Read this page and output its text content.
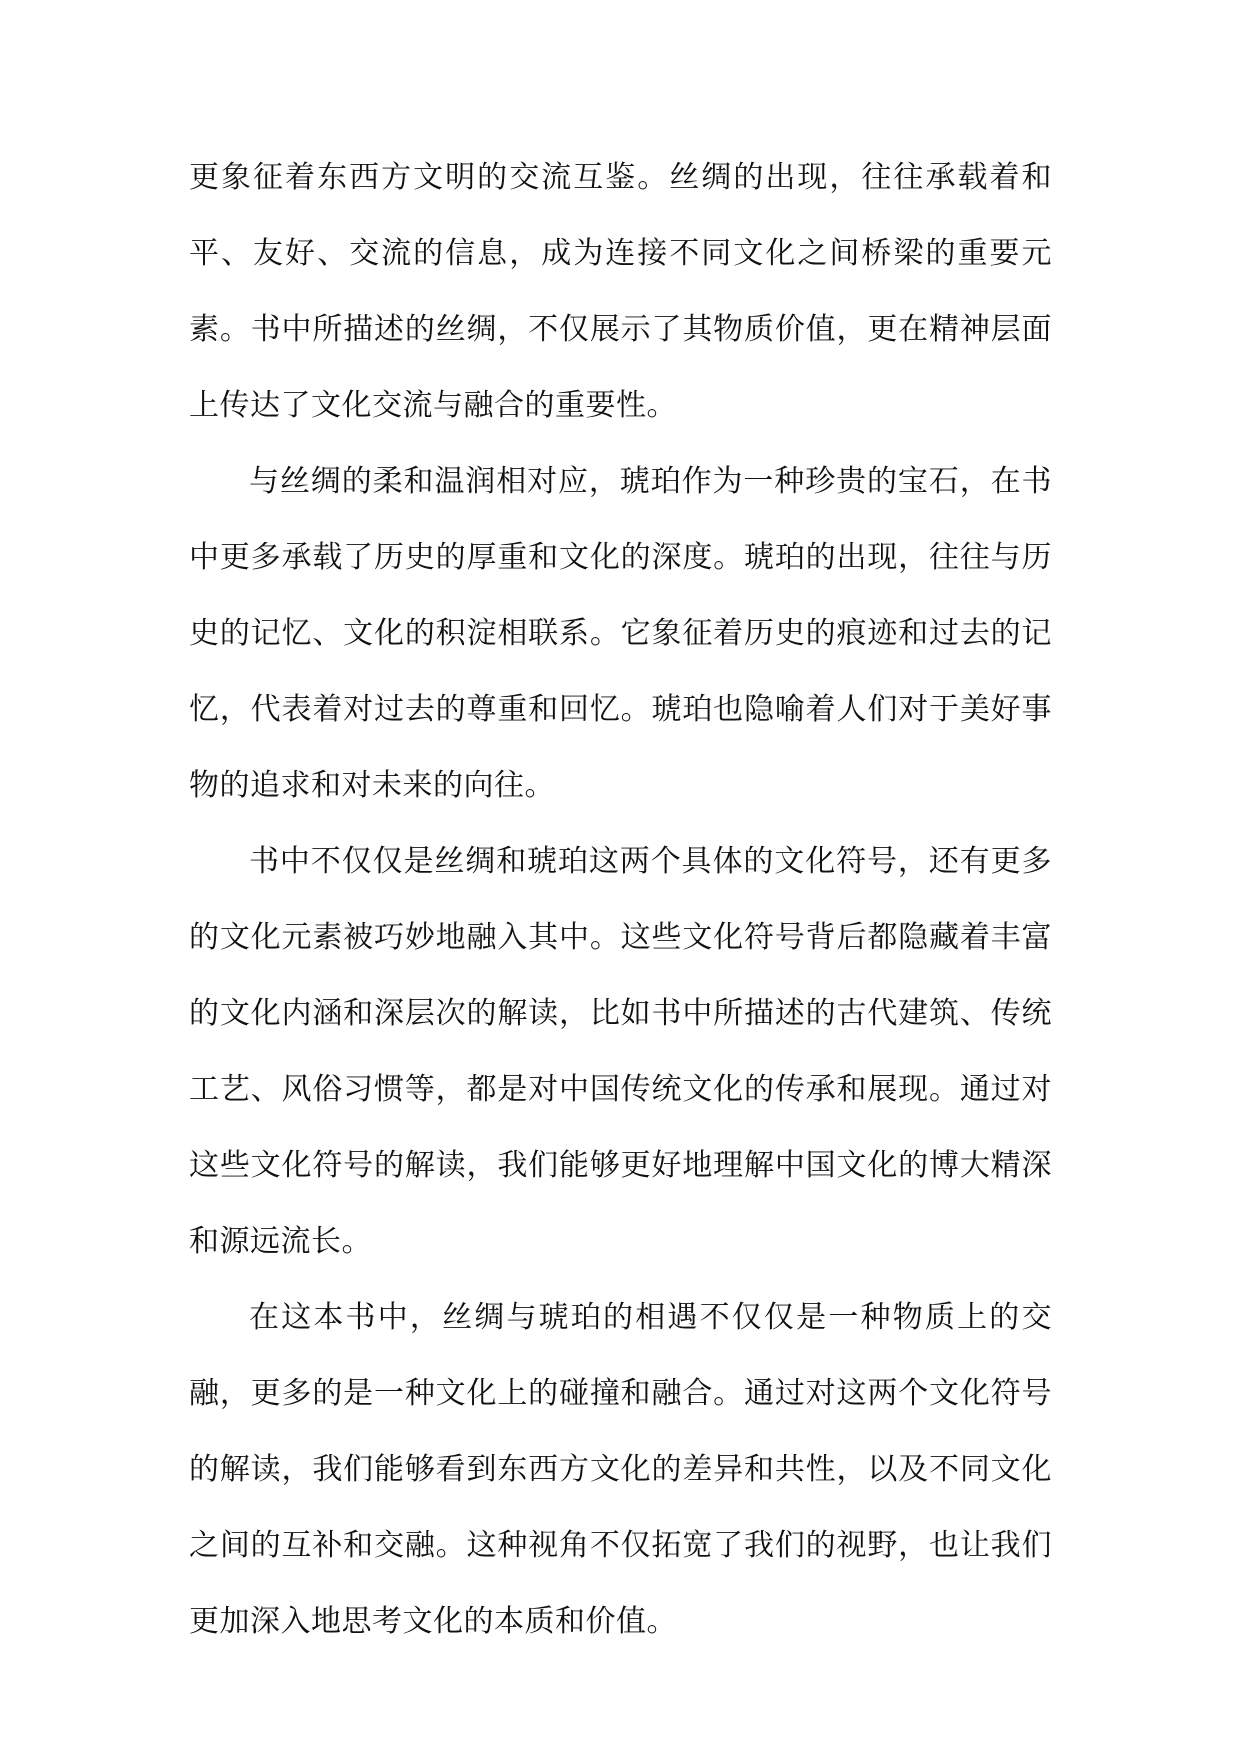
更象征着东西方文明的交流互鉴。丝绸的出现，往往承载着和平、友好、交流的信息，成为连接不同文化之间桥梁的重要元素。书中所描述的丝绸，不仅展示了其物质价值，更在精神层面上传达了文化交流与融合的重要性。

与丝绸的柔和温润相对应，琥珀作为一种珍贵的宝石，在书中更多承载了历史的厚重和文化的深度。琥珀的出现，往往与历史的记忆、文化的积淀相联系。它象征着历史的痕迹和过去的记忆，代表着对过去的尊重和回忆。琥珀也隐喻着人们对于美好事物的追求和对未来的向往。

书中不仅仅是丝绸和琥珀这两个具体的文化符号，还有更多的文化元素被巧妙地融入其中。这些文化符号背后都隐藏着丰富的文化内涵和深层次的解读，比如书中所描述的古代建筑、传统工艺、风俗习惯等，都是对中国传统文化的传承和展现。通过对这些文化符号的解读，我们能够更好地理解中国文化的博大精深和源远流长。

在这本书中，丝绸与琥珀的相遇不仅仅是一种物质上的交融，更多的是一种文化上的碰撞和融合。通过对这两个文化符号的解读，我们能够看到东西方文化的差异和共性，以及不同文化之间的互补和交融。这种视角不仅拓宽了我们的视野，也让我们更加深入地思考文化的本质和价值。
